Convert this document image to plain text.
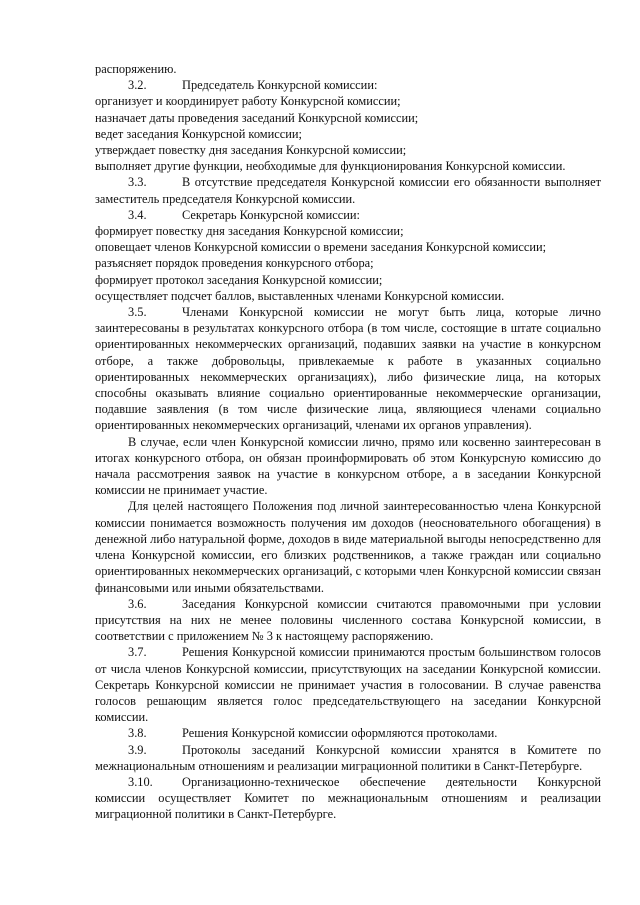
распоряжению.

3.2.	Председатель Конкурсной комиссии:

организует и координирует работу Конкурсной комиссии;

назначает даты проведения заседаний Конкурсной комиссии;

ведет заседания Конкурсной комиссии;

утверждает повестку дня заседания Конкурсной комиссии;

выполняет другие функции, необходимые для функционирования Конкурсной комиссии.

3.3.	В отсутствие председателя Конкурсной комиссии его обязанности выполняет заместитель председателя Конкурсной комиссии.

3.4.	Секретарь Конкурсной комиссии:

формирует повестку дня заседания Конкурсной комиссии;

оповещает членов Конкурсной комиссии о времени заседания Конкурсной комиссии;

разъясняет порядок проведения конкурсного отбора;

формирует протокол заседания Конкурсной комиссии;

осуществляет подсчет баллов, выставленных членами Конкурсной комиссии.

3.5.	Членами Конкурсной комиссии не могут быть лица, которые лично заинтересованы в результатах конкурсного отбора (в том числе, состоящие в штате социально ориентированных некоммерческих организаций, подавших заявки на участие в конкурсном отборе, а также добровольцы, привлекаемые к работе в указанных социально ориентированных некоммерческих организациях), либо физические лица, на которых способны оказывать влияние социально ориентированные некоммерческие организации, подавшие заявления (в том числе физические лица, являющиеся членами социально ориентированных некоммерческих организаций, членами их органов управления).

В случае, если член Конкурсной комиссии лично, прямо или косвенно заинтересован в итогах конкурсного отбора, он обязан проинформировать об этом Конкурсную комиссию до начала рассмотрения заявок на участие в конкурсном отборе, а в заседании Конкурсной комиссии не принимает участие.

Для целей настоящего Положения под личной заинтересованностью члена Конкурсной комиссии понимается возможность получения им доходов (неосновательного обогащения) в денежной либо натуральной форме, доходов в виде материальной выгоды непосредственно для члена Конкурсной комиссии, его близких родственников, а также граждан или социально ориентированных некоммерческих организаций, с которыми член Конкурсной комиссии связан финансовыми или иными обязательствами.

3.6.	Заседания Конкурсной комиссии считаются правомочными при условии присутствия на них не менее половины численного состава Конкурсной комиссии, в соответствии с приложением № 3 к настоящему распоряжению.

3.7.	Решения Конкурсной комиссии принимаются простым большинством голосов от числа членов Конкурсной комиссии, присутствующих на заседании Конкурсной комиссии. Секретарь Конкурсной комиссии не принимает участия в голосовании. В случае равенства голосов решающим является голос председательствующего на заседании Конкурсной комиссии.

3.8.	Решения Конкурсной комиссии оформляются протоколами.

3.9.	Протоколы заседаний Конкурсной комиссии хранятся в Комитете по межнациональным отношениям и реализации миграционной политики в Санкт-Петербурге.

3.10. Организационно-техническое обеспечение деятельности Конкурсной комиссии осуществляет Комитет по межнациональным отношениям и реализации миграционной политики в Санкт-Петербурге.
